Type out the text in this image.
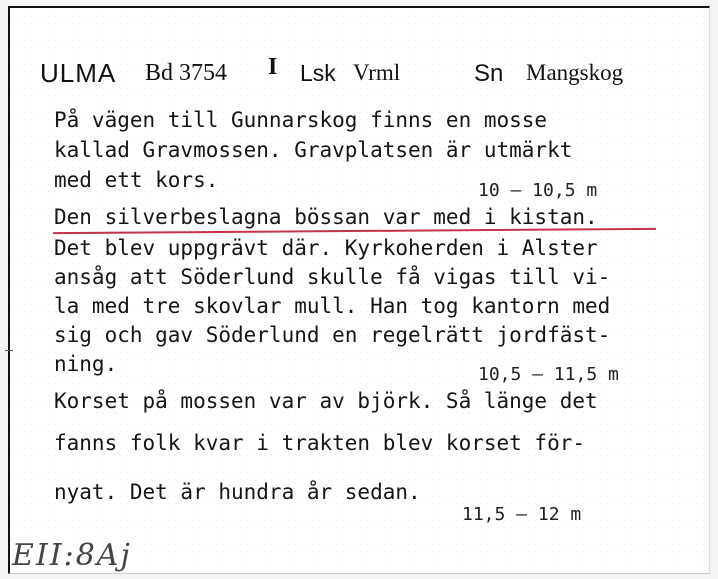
ULMA Bd 3754 I Lsk Vrml	Sn Mangskog
På vägen till Gunnarskog finns en mosse
kallad Gravmossen. Gravplatsen är utmärkt
med ett kors.	10 – 10,5 m
Den silverbeslagna bössan var med i kistan.
Det blev uppgrävt där. Kyrkoherden i Alster
ansåg att Söderlund skulle få vigas till vi-
la med tre skovlar mull. Han tog kantorn med
sig och gav Söderlund en regelrätt jordfäst-
ning.	10,5 – 11,5 m
Korset på mossen var av björk. Så länge det
fanns folk kvar i trakten blev korset för-
nyat. Det är hundra år sedan.
11,5 – 12 m
EII:8Aj
